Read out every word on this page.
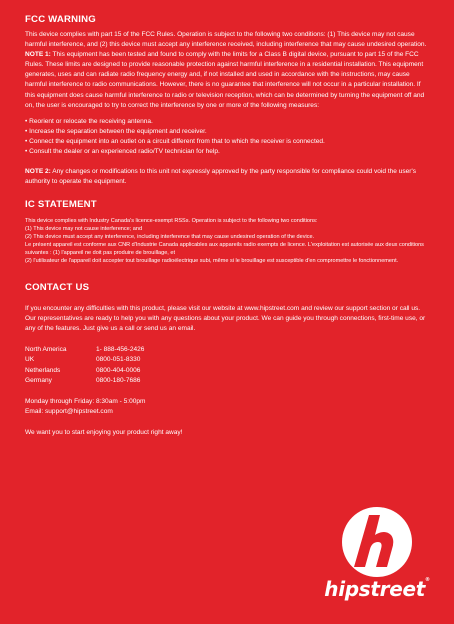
FCC WARNING

This device complies with part 15 of the FCC Rules. Operation is subject to the following two conditions: (1) This device may not cause harmful interference, and (2) this device must accept any interference received, including interference that may cause undesired operation.

NOTE 1: This equipment has been tested and found to comply with the limits for a Class B digital device, pursuant to part 15 of the FCC Rules. These limits are designed to provide reasonable protection against harmful interference in a residential installation. This equipment generates, uses and can radiate radio frequency energy and, if not installed and used in accordance with the instructions, may cause harmful interference to radio communications. However, there is no guarantee that interference will not occur in a particular installation. If this equipment does cause harmful interference to radio or television reception, which can be determined by turning the equipment off and on, the user is encouraged to try to correct the interference by one or more of the following measures:

• Reorient or relocate the receiving antenna.
• Increase the separation between the equipment and receiver.
• Connect the equipment into an outlet on a circuit different from that to which the receiver is connected.
• Consult the dealer or an experienced radio/TV technician for help.

NOTE 2: Any changes or modifications to this unit not expressly approved by the party responsible for compliance could void the user's authority to operate the equipment.

IC STATEMENT

This device complies with Industry Canada's licence-exempt RSSs. Operation is subject to the following two conditions:

(1) This device may not cause interference; and

(2) This device must accept any interference, including interference that may cause undesired operation of the device.

Le présent appareil est conforme aux CNR d'Industrie Canada applicables aux appareils radio exempts de licence. L'exploitation est autorisée aux deux conditions suivantes : (1) l'appareil ne doit pas produire de brouillage, et

(2) l'utilisateur de l'appareil doit accepter tout brouillage radioélectrique subi, même si le brouillage est susceptible d'en compromettre le fonctionnement.

CONTACT US

If you encounter any difficulties with this product, please visit our website at www.hipstreet.com and review our support section or call us. Our representatives are ready to help you with any questions about your product. We can guide you through connections, first-time use, or any of the features. Just give us a call or send us an email.

North America	1- 888-456-2426
UK	0800-051-8330
Netherlands	0800-404-0006
Germany	0800-180-7686

Monday through Friday: 8:30am - 5:00pm

Email: support@hipstreet.com

We want you to start enjoying your product right away!

hipstreet®
